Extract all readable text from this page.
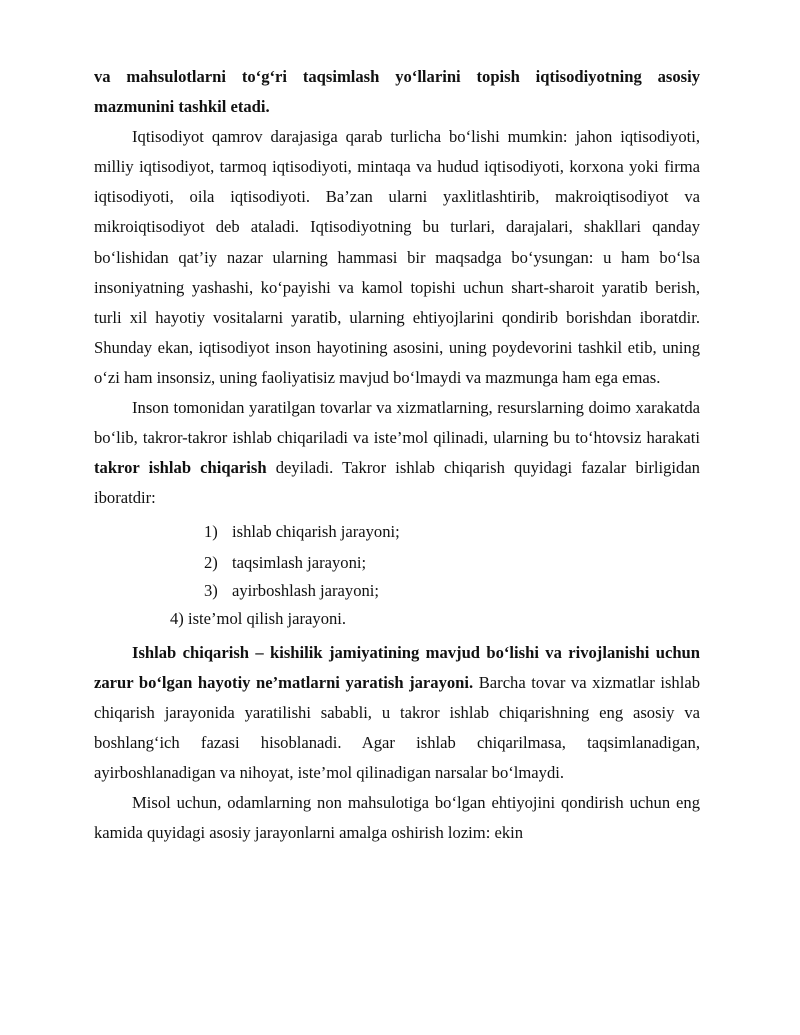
va mahsulotlarni to‘g‘ri taqsimlash yo‘llarini topish iqtisodiyotning asosiy mazmunini tashkil etadi.

Iqtisodiyot qamrov darajasiga qarab turlicha bo‘lishi mumkin: jahon iqtisodiyoti, milliy iqtisodiyot, tarmoq iqtisodiyoti, mintaqa va hudud iqtisodiyoti, korxona yoki firma iqtisodiyoti, oila iqtisodiyoti. Ba’zan ularni yaxlitlashtirib, makroiqtisodiyot va mikroiqtisodiyot deb ataladi. Iqtisodiyotning bu turlari, darajalari, shakllari qanday bo‘lishidan qat’iy nazar ularning hammasi bir maqsadga bo‘ysungan: u ham bo‘lsa insoniyatning yashashi, ko‘payishi va kamol topishi uchun shart-sharoit yaratib berish, turli xil hayotiy vositalarni yaratib, ularning ehtiyojlarini qondirib borishdan iboratdir. Shunday ekan, iqtisodiyot inson hayotining asosini, uning poydevorini tashkil etib, uning o‘zi ham insonsiz, uning faoliyatisiz mavjud bo‘lmaydi va mazmunga ham ega emas.

Inson tomonidan yaratilgan tovarlar va xizmatlarning, resurslarning doimo xarakatda bo‘lib, takror-takror ishlab chiqariladi va iste’mol qilinadi, ularning bu to‘htovsiz harakati takror ishlab chiqarish deyiladi. Takror ishlab chiqarish quyidagi fazalar birligidan iboratdir:

1) ishlab chiqarish jarayoni;
2) taqsimlash jarayoni;
3) ayirboshlash jarayoni;

4) iste’mol qilish jarayoni.

Ishlab chiqarish – kishilik jamiyatining mavjud bo‘lishi va rivojlanishi uchun zarur bo‘lgan hayotiy ne’matlarni yaratish jarayoni. Barcha tovar va xizmatlar ishlab chiqarish jarayonida yaratilishi sababli, u takror ishlab chiqarishning eng asosiy va boshlang‘ich fazasi hisoblanadi. Agar ishlab chiqarilmasa, taqsimlanadigan, ayirboshlanadigan va nihoyat, iste’mol qilinadigan narsalar bo‘lmaydi.

Misol uchun, odamlarning non mahsulotiga bo‘lgan ehtiyojini qondirish uchun eng kamida quyidagi asosiy jarayonlarni amalga oshirish lozim: ekin
